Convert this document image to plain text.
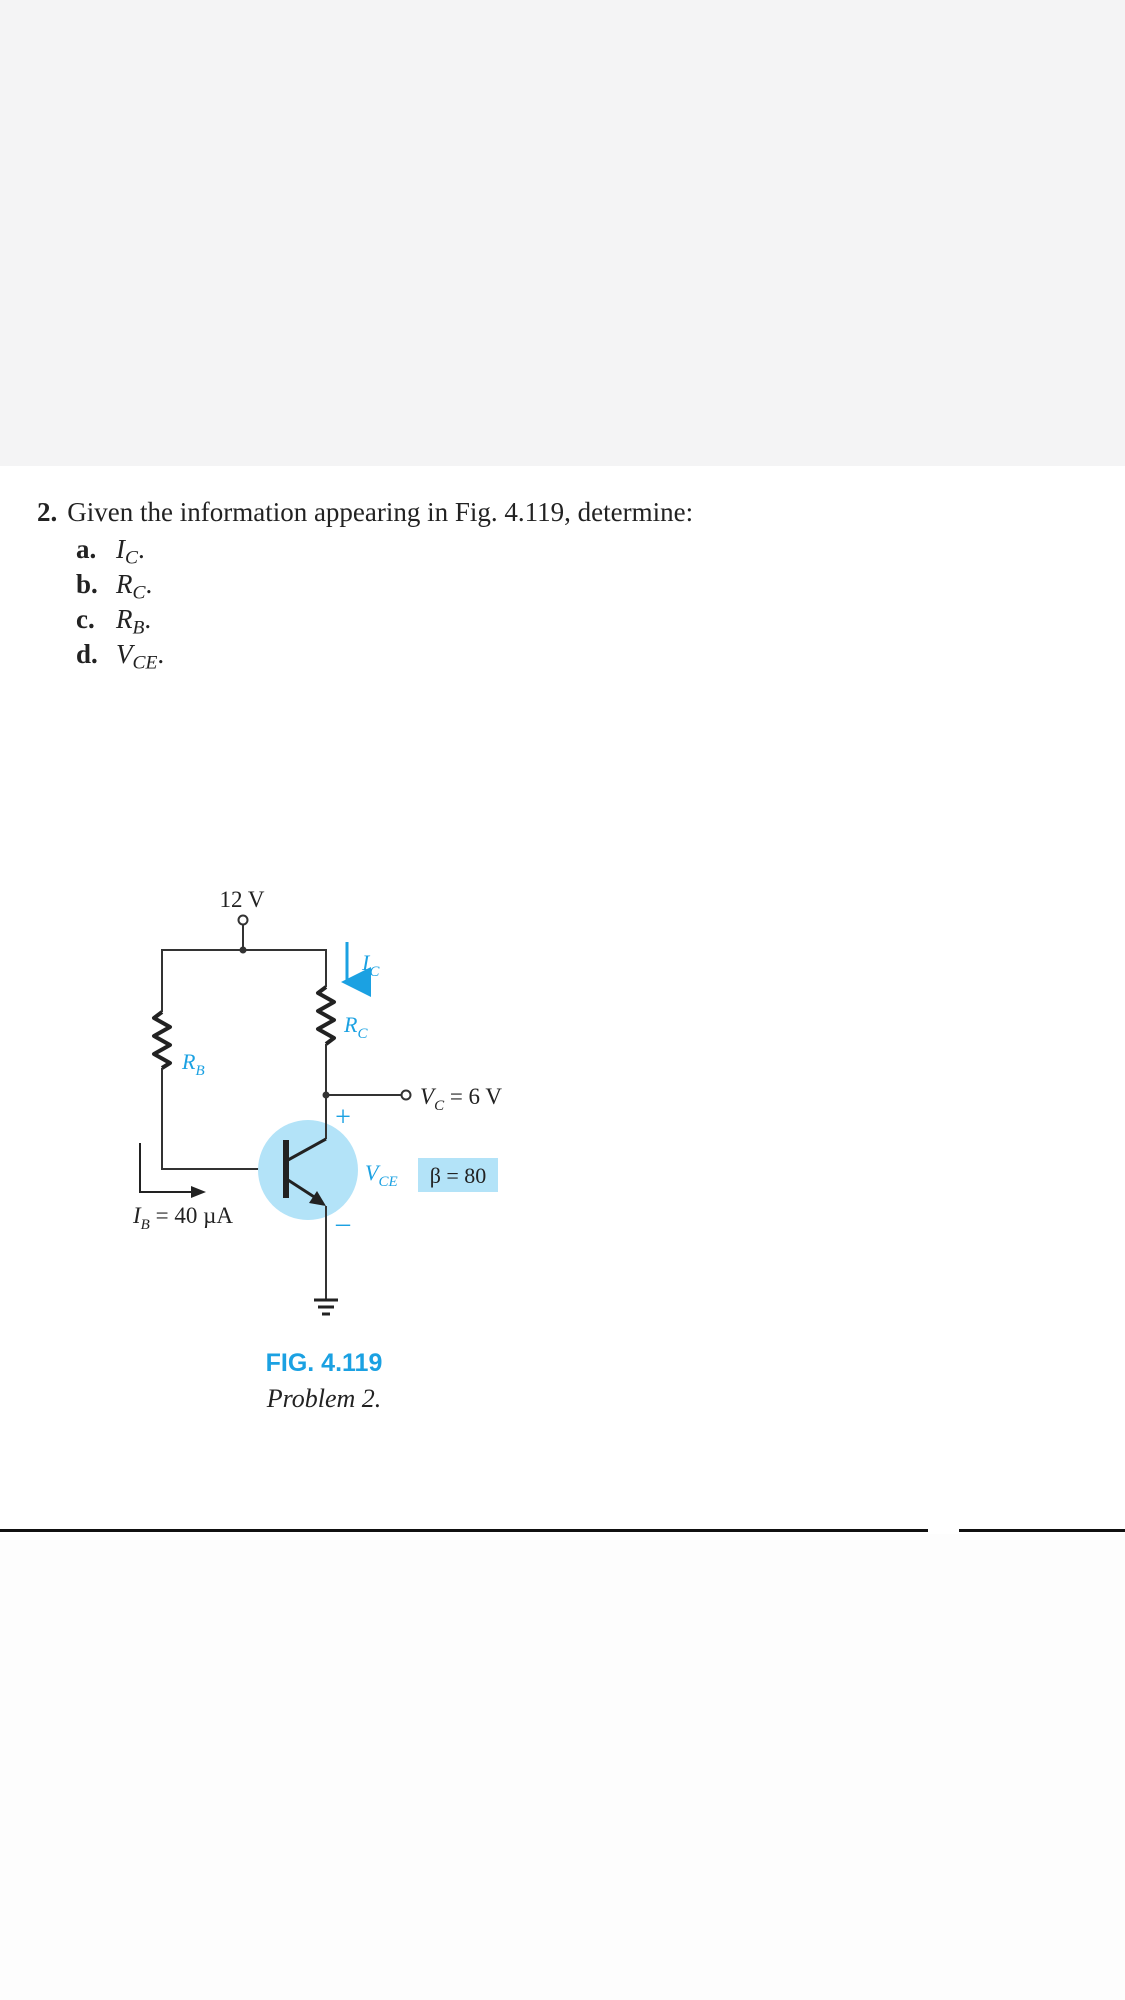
2. Given the information appearing in Fig. 4.119, determine:
a. $I_C$.
b. $R_C$.
c. $R_B$.
d. $V_{CE}$.
12 V
$R_B$
$I_B = 40$ µA
$I_C$
$R_C$
$V_C = 6$ V
+
–
$V_{CE}$ β = 80
FIG. 4.119
Problem 2.
